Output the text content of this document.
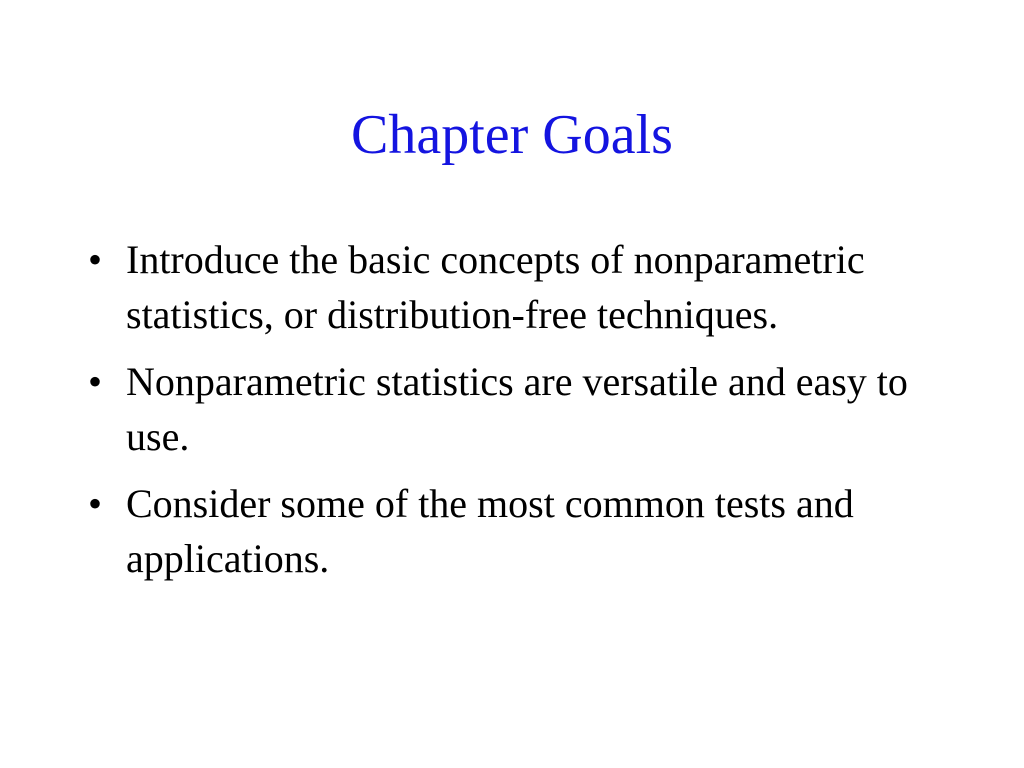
Chapter Goals
• Introduce the basic concepts of nonparametric statistics, or distribution-free techniques.
• Nonparametric statistics are versatile and easy to use.
• Consider some of the most common tests and applications.
